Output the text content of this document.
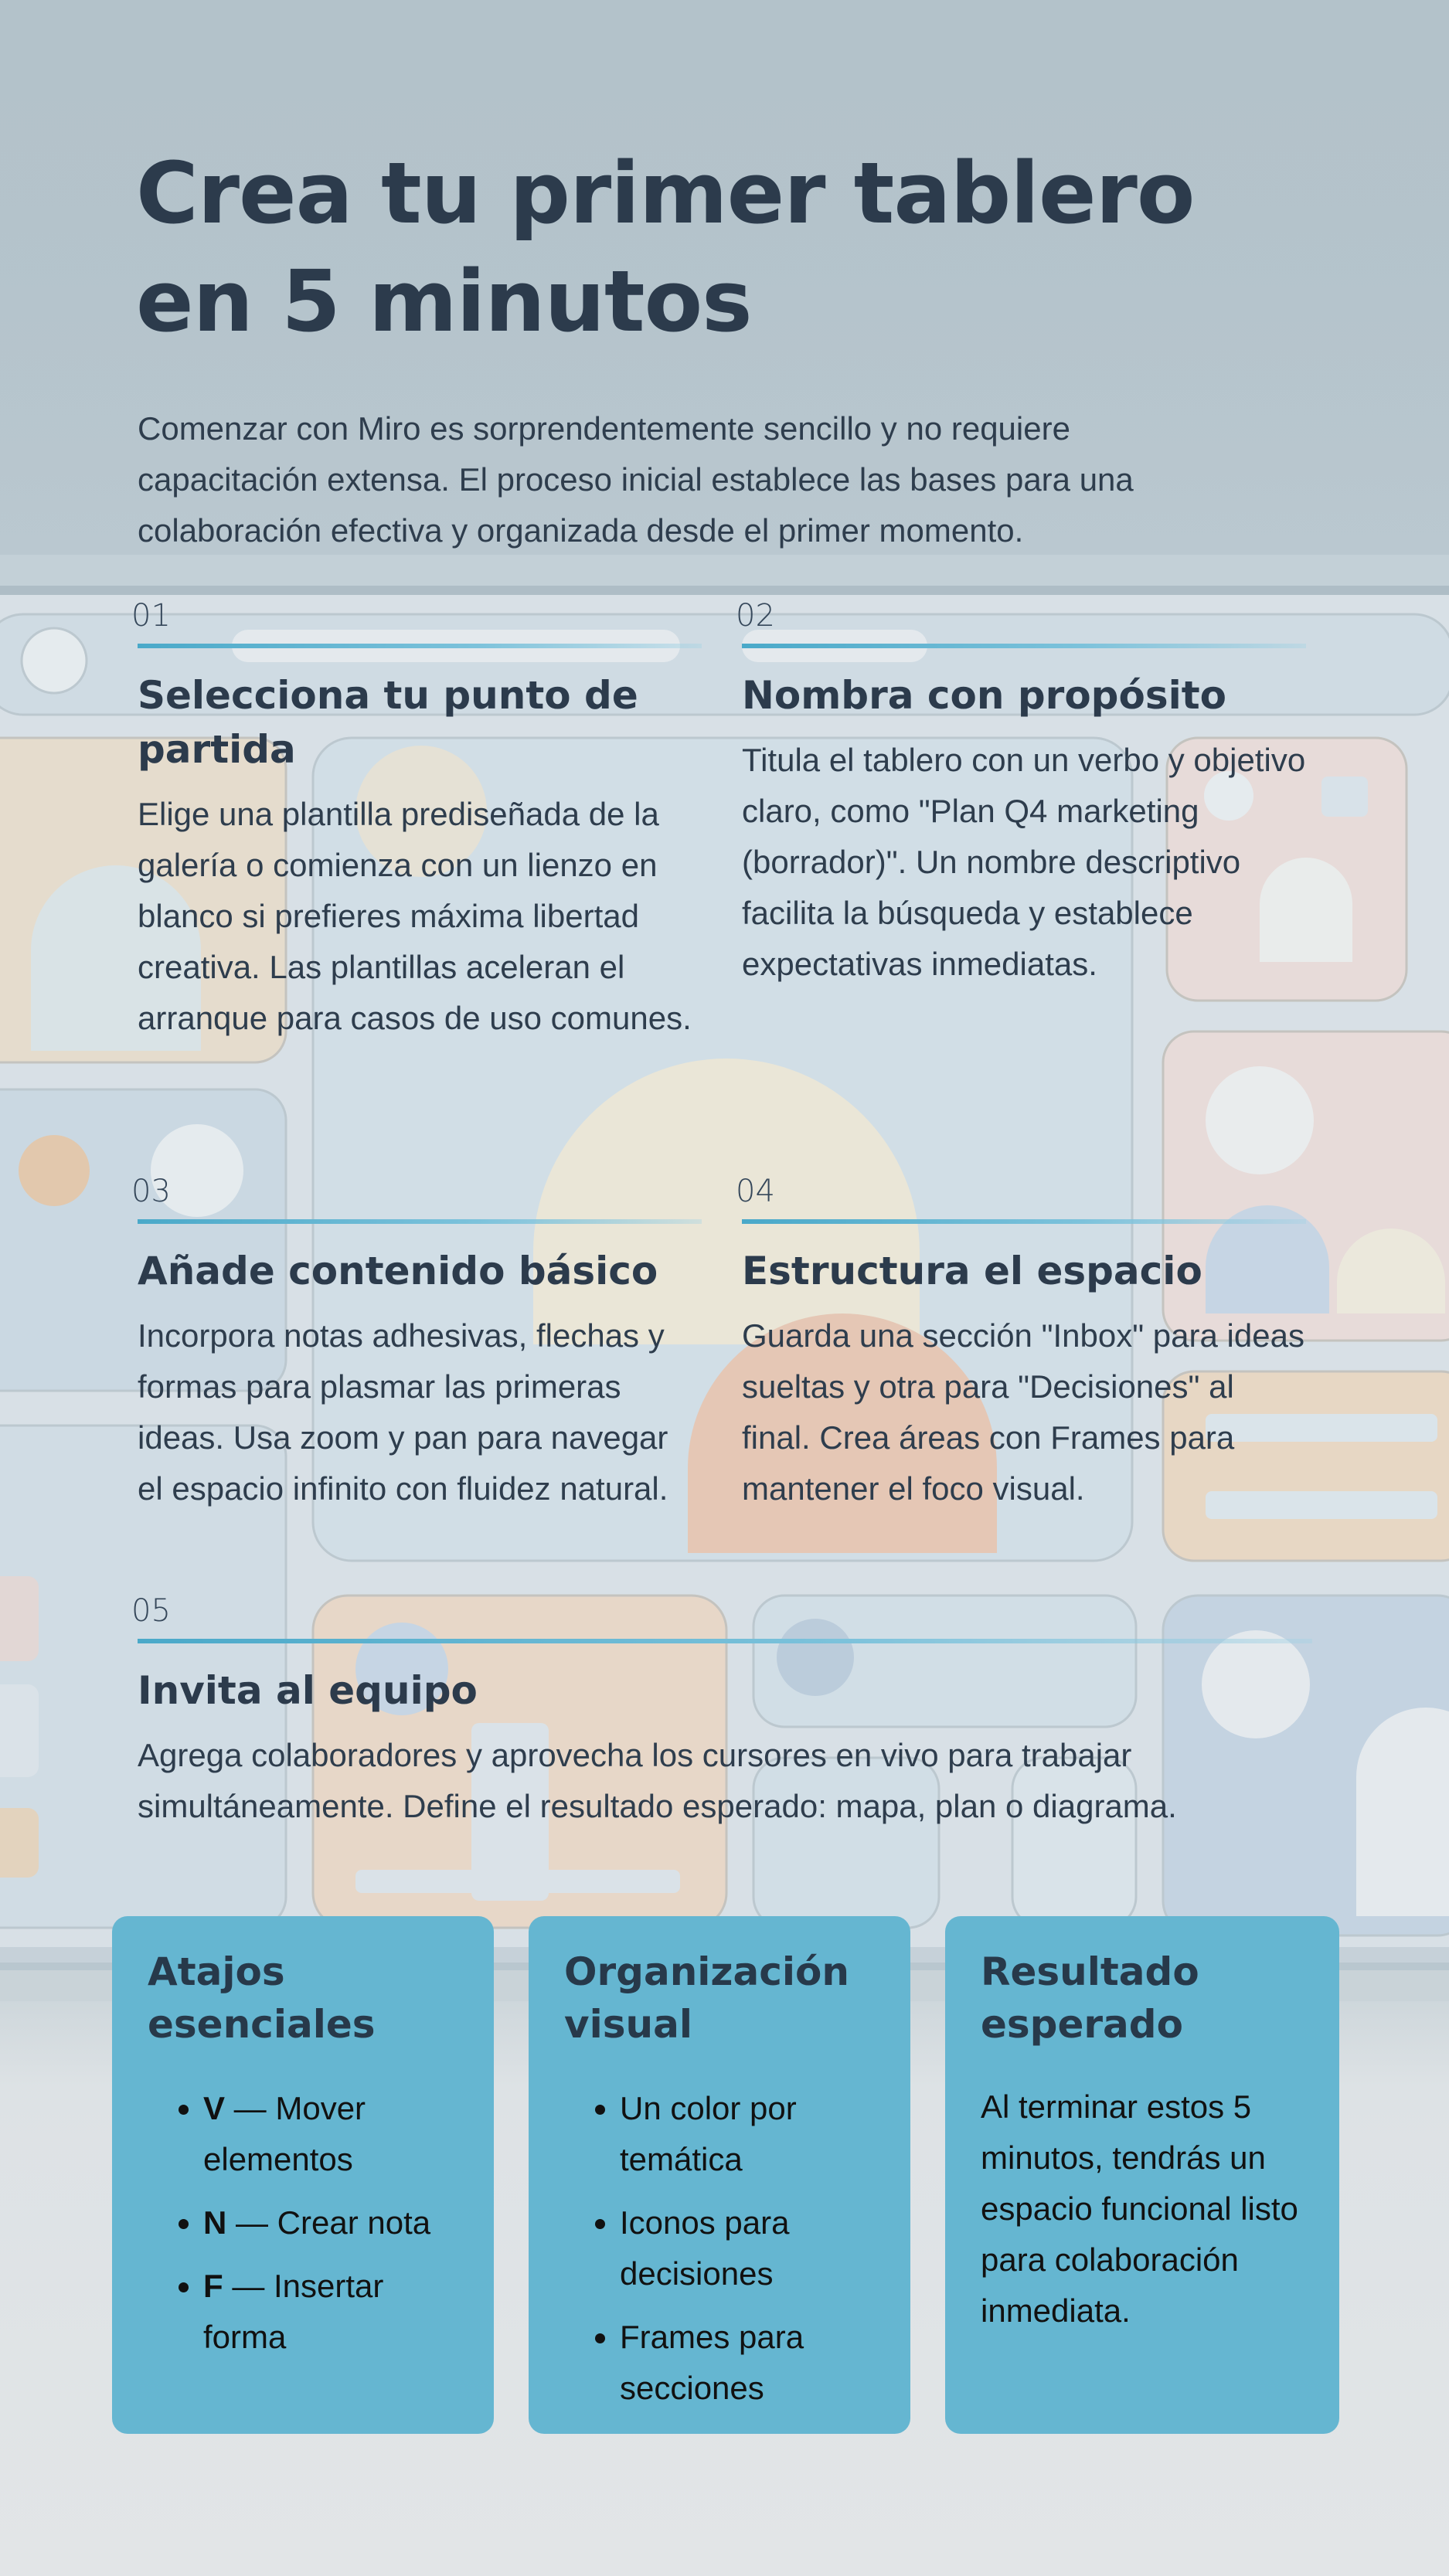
Crea tu primer tablero en 5 minutos

Comenzar con Miro es sorprendentemente sencillo y no requiere capacitación extensa. El proceso inicial establece las bases para una colaboración efectiva y organizada desde el primer momento.

01
Selecciona tu punto de partida

Elige una plantilla prediseñada de la galería o comienza con un lienzo en blanco si prefieres máxima libertad creativa. Las plantillas aceleran el arranque para casos de uso comunes.

02
Nombra con propósito

Titula el tablero con un verbo y objetivo claro, como "Plan Q4 marketing (borrador)". Un nombre descriptivo facilita la búsqueda y establece expectativas inmediatas.

03
Añade contenido básico

Incorpora notas adhesivas, flechas y formas para plasmar las primeras ideas. Usa zoom y pan para navegar el espacio infinito con fluidez natural.

04
Estructura el espacio

Guarda una sección "Inbox" para ideas sueltas y otra para "Decisiones" al final. Crea áreas con Frames para mantener el foco visual.

05
Invita al equipo

Agrega colaboradores y aprovecha los cursores en vivo para trabajar simultáneamente. Define el resultado esperado: mapa, plan o diagrama.

Atajos esenciales
• V — Mover elementos
• N — Crear nota
• F — Insertar forma
Organización visual
• Un color por temática
• Iconos para decisiones
• Frames para secciones
Resultado esperado

Al terminar estos 5 minutos, tendrás un espacio funcional listo para colaboración inmediata.
